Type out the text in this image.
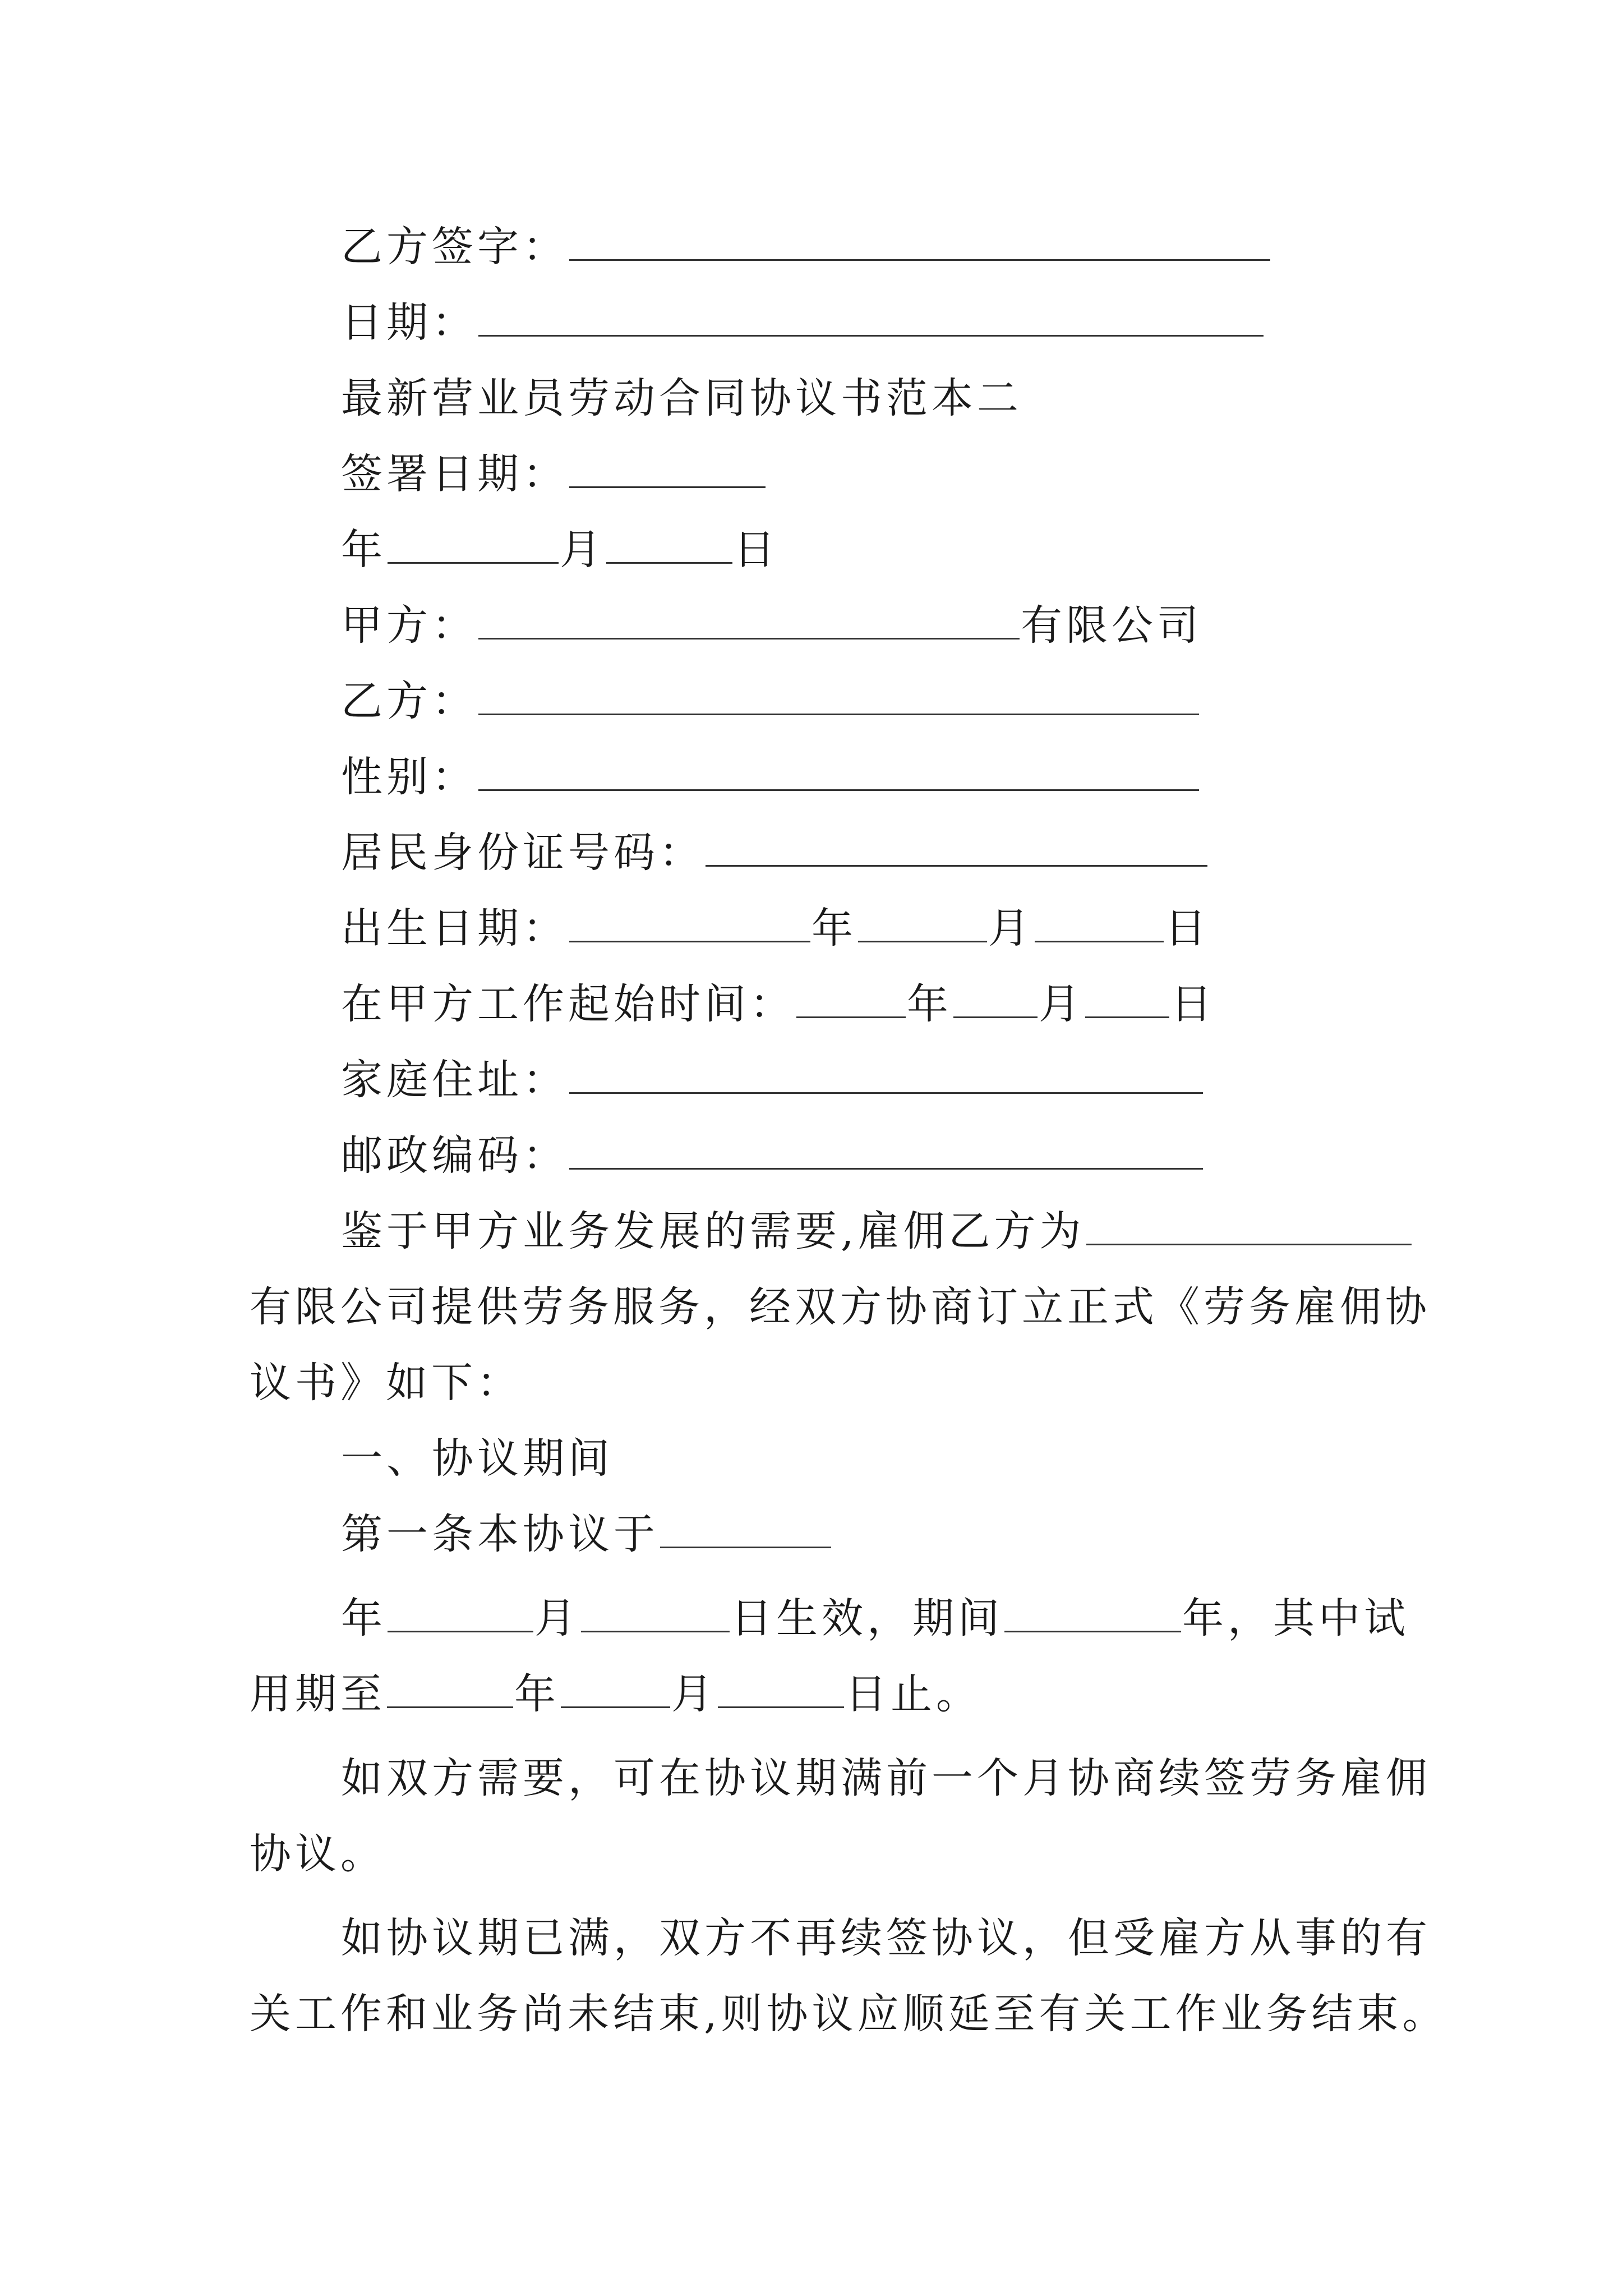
乙方签字：
日期：
最新营业员劳动合同协议书范本二
签署日期：
年	月	日
甲方：	有限公司
乙方：
性别：
居民身份证号码：
出生日期：	年	月	日
在甲方工作起始时间：	年 月 日
家庭住址：
邮政编码：
鉴于甲方业务发展的需要,雇佣乙方为
有限公司提供劳务服务，经双方协商订立正式《劳务雇佣协
议书》如下：
一、协议期间
第一条本协议于
年	月	日生效，期间	年，其中试
用期至	年	月	日止。
如双方需要，可在协议期满前一个月协商续签劳务雇佣
协议。
如协议期已满，双方不再续签协议，但受雇方从事的有
关工作和业务尚未结束,则协议应顺延至有关工作业务结束。
